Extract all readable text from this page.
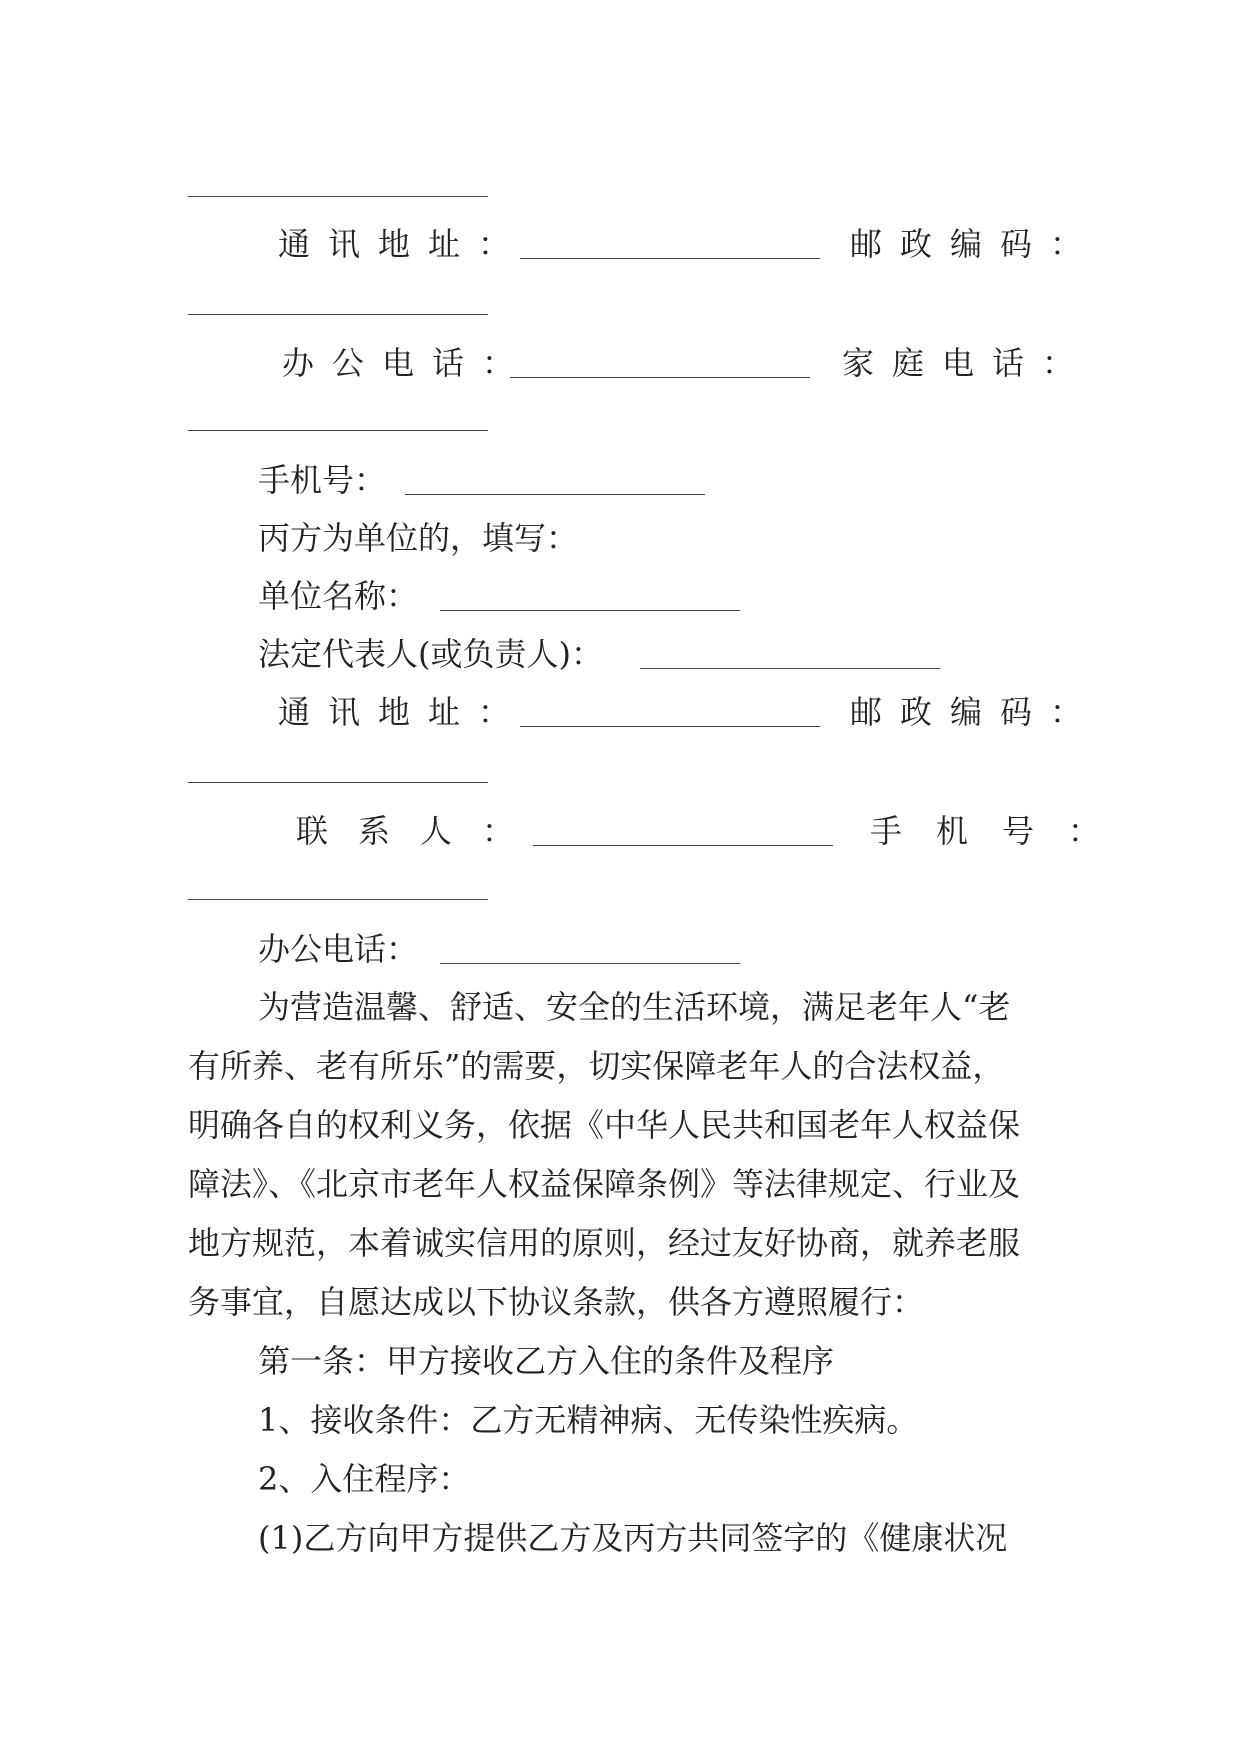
通讯地址：	邮政编码：
办公电话：	家庭电话：
手机号：
丙方为单位的，填写：
单位名称：
法定代表人(或负责人)：
通讯地址：	邮政编码：
联系人：	手机号：
办公电话：
为营造温馨、舒适、安全的生活环境，满足老年人“老
有所养、老有所乐”的需要，切实保障老年人的合法权益，
明确各自的权利义务，依据《中华人民共和国老年人权益保
障法》、《北京市老年人权益保障条例》等法律规定、行业及
地方规范，本着诚实信用的原则，经过友好协商，就养老服
务事宜，自愿达成以下协议条款，供各方遵照履行：
第一条：甲方接收乙方入住的条件及程序
1、接收条件：乙方无精神病、无传染性疾病。
2、入住程序：
(1)乙方向甲方提供乙方及丙方共同签字的《健康状况
